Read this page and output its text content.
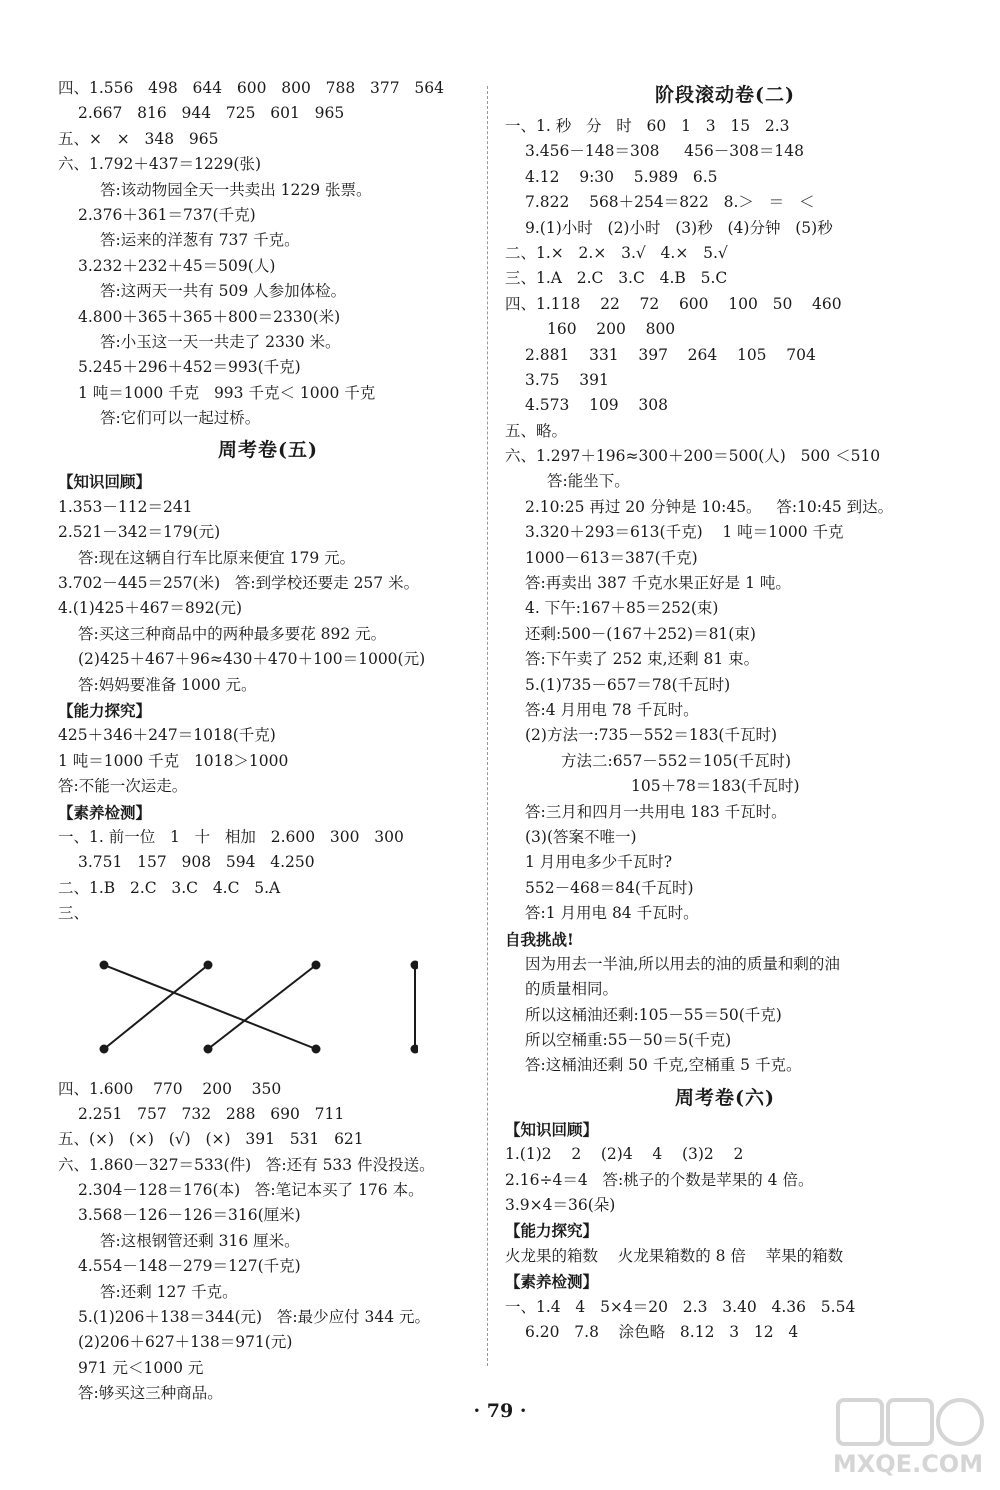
四、1.556   498   644   600   800   788   377   564
2.667   816   944   725   601   965
五、×   ×   348   965
六、1.792＋437＝1229(张)
答:该动物园全天一共卖出 1229 张票。
2.376＋361＝737(千克)
答:运来的洋葱有 737 千克。
3.232＋232＋45＝509(人)
答:这两天一共有 509 人参加体检。
4.800＋365＋365＋800＝2330(米)
答:小玉这一天一共走了 2330 米。
5.245＋296＋452＝993(千克)
1 吨＝1000 千克   993 千克＜ 1000 千克
答:它们可以一起过桥。
周考卷(五)
【知识回顾】
1.353－112＝241
2.521－342＝179(元)
答:现在这辆自行车比原来便宜 179 元。
3.702－445＝257(米)   答:到学校还要走 257 米。
4.(1)425＋467＝892(元)
答:买这三种商品中的两种最多要花 892 元。
(2)425＋467＋96≈430＋470＋100＝1000(元)
答:妈妈要准备 1000 元。
【能力探究】
425＋346＋247＝1018(千克)
1 吨＝1000 千克   1018＞1000
答:不能一次运走。
【素养检测】
一、1. 前一位   1   十   相加   2.600   300   300
3.751   157   908   594   4.250
二、1.B   2.C   3.C   4.C   5.A
三、
四、1.600    770    200    350
2.251   757   732   288   690   711
五、(×)   (×)   (√)   (×)   391   531   621
六、1.860－327＝533(件)   答:还有 533 件没投送。
2.304－128＝176(本)   答:笔记本买了 176 本。
3.568－126－126＝316(厘米)
答:这根钢管还剩 316 厘米。
4.554－148－279＝127(千克)
答:还剩 127 千克。
5.(1)206＋138＝344(元)   答:最少应付 344 元。
(2)206＋627＋138＝971(元)
971 元＜1000 元
答:够买这三种商品。
阶段滚动卷(二)
一、1. 秒   分   时   60   1   3   15   2.3
3.456－148＝308     456－308＝148
4.12    9:30    5.989   6.5
7.822    568＋254＝822   8.＞   ＝   ＜
9.(1)小时   (2)小时   (3)秒   (4)分钟   (5)秒
二、1.×   2.×   3.√   4.×   5.√
三、1.A   2.C   3.C   4.B   5.C
四、1.118    22    72    600    100   50    460
160    200    800
2.881    331    397    264    105    704
3.75    391
4.573    109    308
五、略。
六、1.297＋196≈300＋200＝500(人)   500 ＜510
答:能坐下。
2.10:25 再过 20 分钟是 10:45。   答:10:45 到达。
3.320＋293＝613(千克)    1 吨＝1000 千克
1000－613＝387(千克)
答:再卖出 387 千克水果正好是 1 吨。
4. 下午:167＋85＝252(束)
还剩:500－(167＋252)＝81(束)
答:下午卖了 252 束,还剩 81 束。
5.(1)735－657＝78(千瓦时)
答:4 月用电 78 千瓦时。
(2)方法一:735－552＝183(千瓦时)
方法二:657－552＝105(千瓦时)
105＋78＝183(千瓦时)
答:三月和四月一共用电 183 千瓦时。
(3)(答案不唯一)
1 月用电多少千瓦时?
552－468＝84(千瓦时)
答:1 月用电 84 千瓦时。
自我挑战!
因为用去一半油,所以用去的油的质量和剩的油
的质量相同。
所以这桶油还剩:105－55＝50(千克)
所以空桶重:55－50＝5(千克)
答:这桶油还剩 50 千克,空桶重 5 千克。
周考卷(六)
【知识回顾】
1.(1)2    2    (2)4    4    (3)2    2
2.16÷4＝4   答:桃子的个数是苹果的 4 倍。
3.9×4＝36(朵)
【能力探究】
火龙果的箱数    火龙果箱数的 8 倍    苹果的箱数
【素养检测】
一、1.4   4   5×4＝20   2.3   3.40   4.36   5.54
6.20   7.8    涂色略   8.12   3   12   4
· 79 ·
MXQE.COM
